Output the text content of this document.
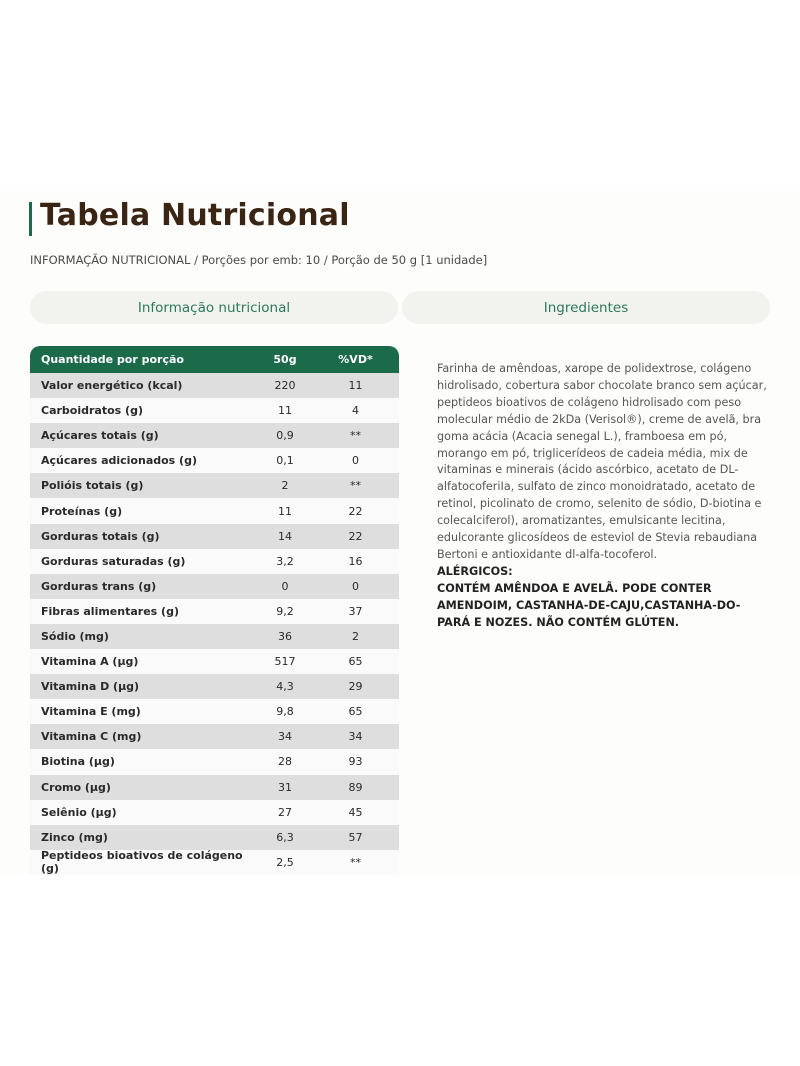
Tabela Nutricional
INFORMAÇÃO NUTRICIONAL / Porções por emb: 10 / Porção de 50 g [1 unidade]
Informação nutricional	Ingredientes
Quantidade por porção	50g	%VD*
Valor energético (kcal)	220	11
Carboidratos (g)	11	4
Açúcares totais (g)	0,9	**
Açúcares adicionados (g)	0,1	0
Polióis totais (g)	2	**
Proteínas (g)	11	22
Gorduras totais (g)	14	22
Gorduras saturadas (g)	3,2	16
Gorduras trans (g)	0	0
Fibras alimentares (g)	9,2	37
Sódio (mg)	36	2
Vitamina A (µg)	517	65
Vitamina D (µg)	4,3	29
Vitamina E (mg)	9,8	65
Vitamina C (mg)	34	34
Biotina (µg)	28	93
Cromo (µg)	31	89
Selênio (µg)	27	45
Zinco (mg)	6,3	57
Peptideos bioativos de colágeno (g)	2,5	**
Farinha de amêndoas, xarope de polidextrose, colágeno hidrolisado, cobertura sabor chocolate branco sem açúcar, peptideos bioativos de colágeno hidrolisado com peso molecular médio de 2kDa (Verisol®), creme de avelã, bra goma acácia (Acacia senegal L.), framboesa em pó, morango em pó, triglicerídeos de cadeia média, mix de vitaminas e minerais (ácido ascórbico, acetato de DL-alfatocoferiIa, sulfato de zinco monoidratado, acetato de retinol, picolinato de cromo, selenito de sódio, D-biotina e colecalciferol), aromatizantes, emulsicante lecitina, edulcorante glicosídeos de esteviol de Stevia rebaudiana Bertoni e antioxidante dl-alfa-tocoferol.
ALÉRGICOS:
CONTÉM AMÊNDOA E AVELÃ. PODE CONTER AMENDOIM, CASTANHA-DE-CAJU,CASTANHA-DO-PARÁ E NOZES. NÃO CONTÉM GLÚTEN.
